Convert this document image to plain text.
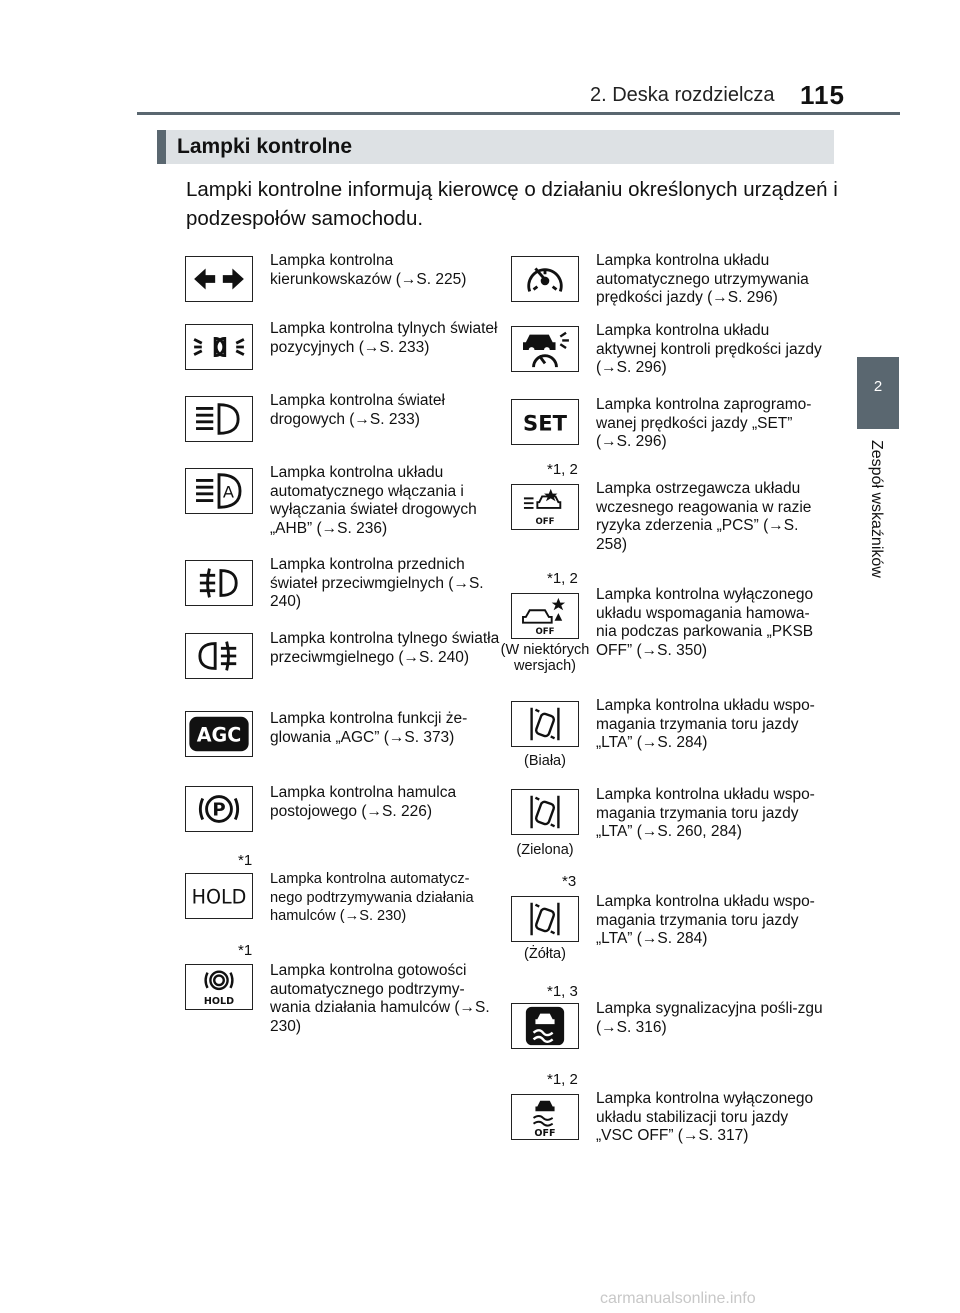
2. Deska rozdzielcza 115
Lampki kontrolne
Lampki kontrolne informują kierowcę o działaniu określonych urządzeń i podzespołów samochodu.
2
Zespół wskaźników
Lampka kontrolna kierunkowskazów (→S. 225)
Lampka kontrolna tylnych świateł pozycyjnych (→S. 233)
Lampka kontrolna świateł drogowych (→S. 233)
A
Lampka kontrolna układu automatycznego włączania i wyłączania świateł drogowych „AHB” (→S. 236)
Lampka kontrolna przednich świateł przeciwmgielnych (→S. 240)
Lampka kontrolna tylnego światła przeciwmgielnego (→S. 240)
AGC
Lampka kontrolna funkcji że-glowania „AGC” (→S. 373)
P
Lampka kontrolna hamulca postojowego (→S. 226)
*1
HOLD
Lampka kontrolna automatycz-nego podtrzymywania działania hamulców (→S. 230)
*1
HOLD
Lampka kontrolna gotowości automatycznego podtrzymy-wania działania hamulców (→S. 230)
Lampka kontrolna układu automatycznego utrzymywania prędkości jazdy (→S. 296)
Lampka kontrolna układu aktywnej kontroli prędkości jazdy (→S. 296)
SET
Lampka kontrolna zaprogramo-wanej prędkości jazdy „SET” (→S. 296)
*1, 2
OFF
Lampka ostrzegawcza układu wczesnego reagowania w razie ryzyka zderzenia „PCS” (→S. 258)
*1, 2
OFF
(W niektórych wersjach)
Lampka kontrolna wyłączonego układu wspomagania hamowa-nia podczas parkowania „PKSB OFF” (→S. 350)
(Biała)
Lampka kontrolna układu wspo-magania trzymania toru jazdy „LTA” (→S. 284)
(Zielona)
Lampka kontrolna układu wspo-magania trzymania toru jazdy „LTA” (→S. 260, 284)
*3
(Żółta)
Lampka kontrolna układu wspo-magania trzymania toru jazdy „LTA” (→S. 284)
*1, 3
Lampka sygnalizacyjna pośli-zgu (→S. 316)
*1, 2
OFF
Lampka kontrolna wyłączonego układu stabilizacji toru jazdy „VSC OFF” (→S. 317)
carmanualsonline.info
